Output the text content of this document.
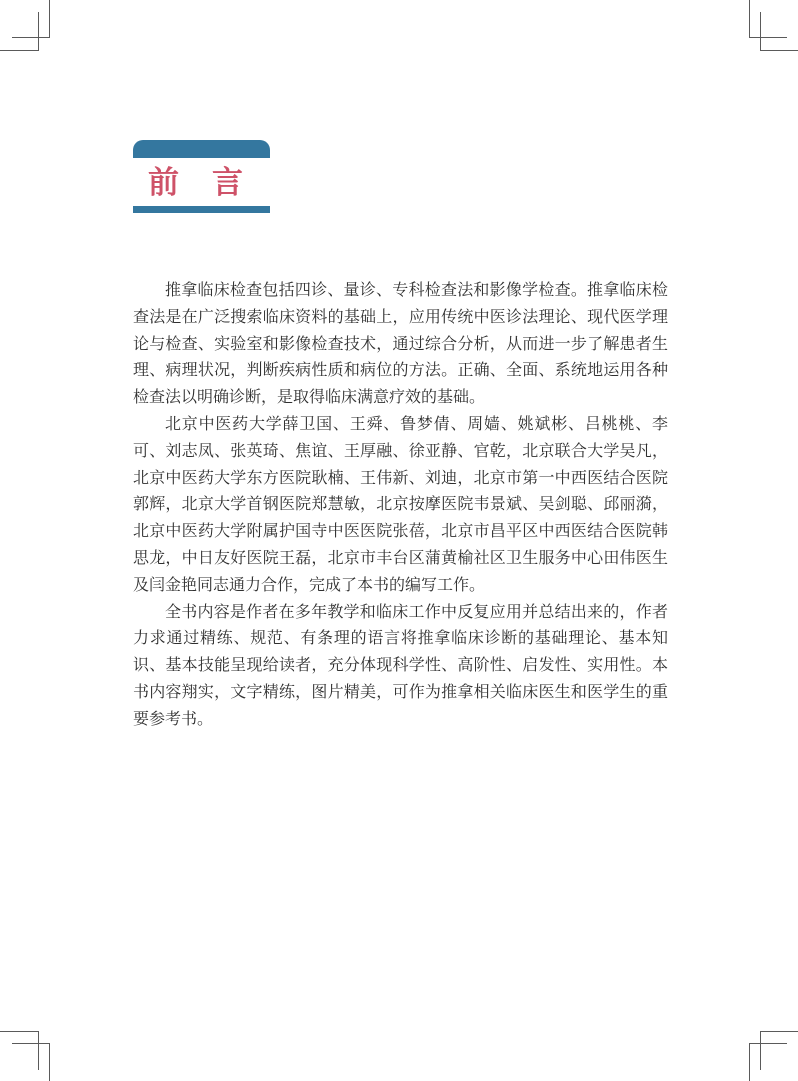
前　言

推拿临床检查包括四诊、量诊、专科检查法和影像学检查。推拿临床检查法是在广泛搜索临床资料的基础上，应用传统中医诊法理论、现代医学理论与检查、实验室和影像检查技术，通过综合分析，从而进一步了解患者生理、病理状况，判断疾病性质和病位的方法。正确、全面、系统地运用各种检查法以明确诊断，是取得临床满意疗效的基础。

北京中医药大学薛卫国、王舜、鲁梦倩、周嫱、姚斌彬、吕桃桃、李可、刘志凤、张英琦、焦谊、王厚融、徐亚静、官乾，北京联合大学吴凡，北京中医药大学东方医院耿楠、王伟新、刘迪，北京市第一中西医结合医院郭辉，北京大学首钢医院郑慧敏，北京按摩医院韦景斌、吴剑聪、邱丽漪，北京中医药大学附属护国寺中医医院张蓓，北京市昌平区中西医结合医院韩思龙，中日友好医院王磊，北京市丰台区蒲黄榆社区卫生服务中心田伟医生及闫金艳同志通力合作，完成了本书的编写工作。

全书内容是作者在多年教学和临床工作中反复应用并总结出来的，作者力求通过精练、规范、有条理的语言将推拿临床诊断的基础理论、基本知识、基本技能呈现给读者，充分体现科学性、高阶性、启发性、实用性。本书内容翔实，文字精练，图片精美，可作为推拿相关临床医生和医学生的重要参考书。
